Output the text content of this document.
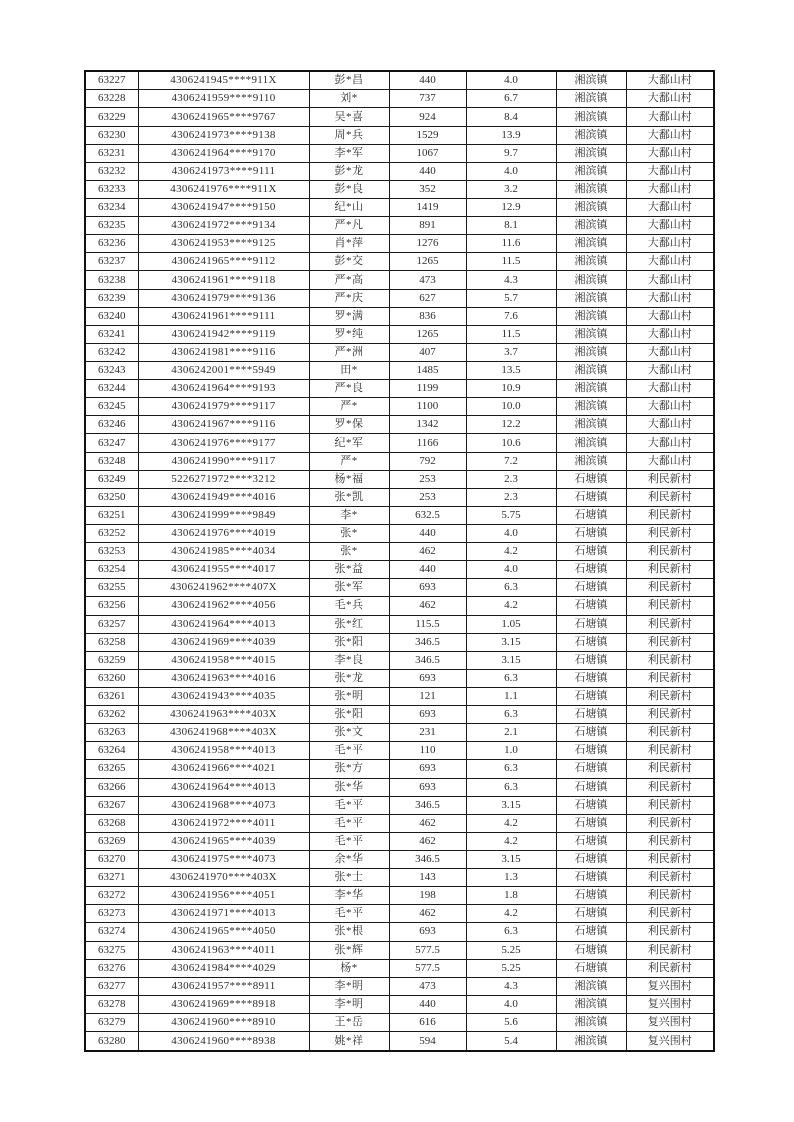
63227	4306241945****911X	彭*昌	440	4.0	湘滨镇	大鄱山村
63228	4306241959****9110	刘*	737	6.7	湘滨镇	大鄱山村
63229	4306241965****9767	吴*喜	924	8.4	湘滨镇	大鄱山村
63230	4306241973****9138	周*兵	1529	13.9	湘滨镇	大鄱山村
63231	4306241964****9170	李*军	1067	9.7	湘滨镇	大鄱山村
63232	4306241973****9111	彭*龙	440	4.0	湘滨镇	大鄱山村
63233	4306241976****911X	彭*良	352	3.2	湘滨镇	大鄱山村
63234	4306241947****9150	纪*山	1419	12.9	湘滨镇	大鄱山村
63235	4306241972****9134	严*凡	891	8.1	湘滨镇	大鄱山村
63236	4306241953****9125	肖*萍	1276	11.6	湘滨镇	大鄱山村
63237	4306241965****9112	彭*交	1265	11.5	湘滨镇	大鄱山村
63238	4306241961****9118	严*高	473	4.3	湘滨镇	大鄱山村
63239	4306241979****9136	严*庆	627	5.7	湘滨镇	大鄱山村
63240	4306241961****9111	罗*满	836	7.6	湘滨镇	大鄱山村
63241	4306241942****9119	罗*纯	1265	11.5	湘滨镇	大鄱山村
63242	4306241981****9116	严*洲	407	3.7	湘滨镇	大鄱山村
63243	4306242001****5949	田*	1485	13.5	湘滨镇	大鄱山村
63244	4306241964****9193	严*良	1199	10.9	湘滨镇	大鄱山村
63245	4306241979****9117	严*	1100	10.0	湘滨镇	大鄱山村
63246	4306241967****9116	罗*保	1342	12.2	湘滨镇	大鄱山村
63247	4306241976****9177	纪*军	1166	10.6	湘滨镇	大鄱山村
63248	4306241990****9117	严*	792	7.2	湘滨镇	大鄱山村
63249	5226271972****3212	杨*福	253	2.3	石塘镇	利民新村
63250	4306241949****4016	张*凯	253	2.3	石塘镇	利民新村
63251	4306241999****9849	李*	632.5	5.75	石塘镇	利民新村
63252	4306241976****4019	张*	440	4.0	石塘镇	利民新村
63253	4306241985****4034	张*	462	4.2	石塘镇	利民新村
63254	4306241955****4017	张*益	440	4.0	石塘镇	利民新村
63255	4306241962****407X	张*军	693	6.3	石塘镇	利民新村
63256	4306241962****4056	毛*兵	462	4.2	石塘镇	利民新村
63257	4306241964****4013	张*红	115.5	1.05	石塘镇	利民新村
63258	4306241969****4039	张*阳	346.5	3.15	石塘镇	利民新村
63259	4306241958****4015	李*良	346.5	3.15	石塘镇	利民新村
63260	4306241963****4016	张*龙	693	6.3	石塘镇	利民新村
63261	4306241943****4035	张*明	121	1.1	石塘镇	利民新村
63262	4306241963****403X	张*阳	693	6.3	石塘镇	利民新村
63263	4306241968****403X	张*文	231	2.1	石塘镇	利民新村
63264	4306241958****4013	毛*平	110	1.0	石塘镇	利民新村
63265	4306241966****4021	张*方	693	6.3	石塘镇	利民新村
63266	4306241964****4013	张*华	693	6.3	石塘镇	利民新村
63267	4306241968****4073	毛*平	346.5	3.15	石塘镇	利民新村
63268	4306241972****4011	毛*平	462	4.2	石塘镇	利民新村
63269	4306241965****4039	毛*平	462	4.2	石塘镇	利民新村
63270	4306241975****4073	余*华	346.5	3.15	石塘镇	利民新村
63271	4306241970****403X	张*士	143	1.3	石塘镇	利民新村
63272	4306241956****4051	李*华	198	1.8	石塘镇	利民新村
63273	4306241971****4013	毛*平	462	4.2	石塘镇	利民新村
63274	4306241965****4050	张*根	693	6.3	石塘镇	利民新村
63275	4306241963****4011	张*辉	577.5	5.25	石塘镇	利民新村
63276	4306241984****4029	杨*	577.5	5.25	石塘镇	利民新村
63277	4306241957****8911	李*明	473	4.3	湘滨镇	复兴围村
63278	4306241969****8918	李*明	440	4.0	湘滨镇	复兴围村
63279	4306241960****8910	王*岳	616	5.6	湘滨镇	复兴围村
63280	4306241960****8938	姚*祥	594	5.4	湘滨镇	复兴围村
